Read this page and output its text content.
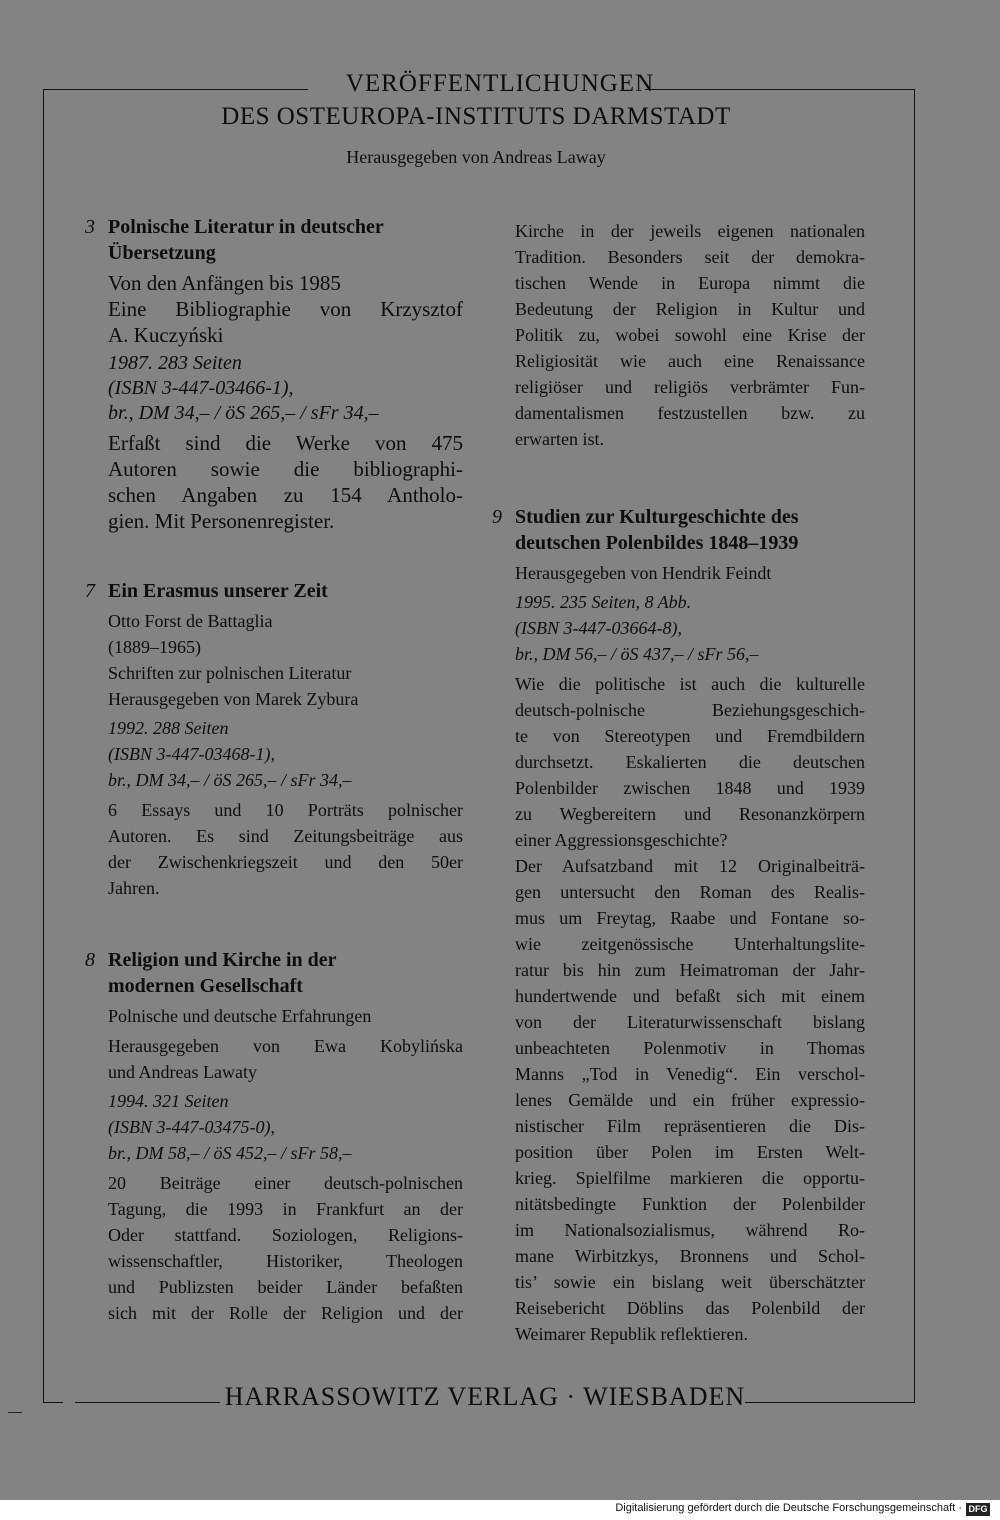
VERÖFFENTLICHUNGEN
DES OSTEUROPA-INSTITUTS DARMSTADT
Herausgegeben von Andreas Laway
3 Polnische Literatur in deutscher
Übersetzung
Von den Anfängen bis 1985
Eine Bibliographie von Krzysztof
A. Kuczyński
1987. 283 Seiten
(ISBN 3-447-03466-1),
br., DM 34,– / öS 265,– / sFr 34,–
Erfaßt sind die Werke von 475
Autoren sowie die bibliographi-
schen Angaben zu 154 Antholo-
gien. Mit Personenregister.
7 Ein Erasmus unserer Zeit
Otto Forst de Battaglia
(1889–1965)
Schriften zur polnischen Literatur
Herausgegeben von Marek Zybura
1992. 288 Seiten
(ISBN 3-447-03468-1),
br., DM 34,– / öS 265,– / sFr 34,–
6 Essays und 10 Porträts polnischer
Autoren. Es sind Zeitungsbeiträge aus
der Zwischenkriegszeit und den 50er
Jahren.
8 Religion und Kirche in der
modernen Gesellschaft
Polnische und deutsche Erfahrungen
Herausgegeben von Ewa Kobylińska
und Andreas Lawaty
1994. 321 Seiten
(ISBN 3-447-03475-0),
br., DM 58,– / öS 452,– / sFr 58,–
20 Beiträge einer deutsch-polnischen
Tagung, die 1993 in Frankfurt an der
Oder stattfand. Soziologen, Religions-
wissenschaftler, Historiker, Theologen
und Publizsten beider Länder befaßten
sich mit der Rolle der Religion und der
Kirche in der jeweils eigenen nationalen
Tradition. Besonders seit der demokra-
tischen Wende in Europa nimmt die
Bedeutung der Religion in Kultur und
Politik zu, wobei sowohl eine Krise der
Religiosität wie auch eine Renaissance
religiöser und religiös verbrämter Fun-
damentalismen festzustellen bzw. zu
erwarten ist.
9 Studien zur Kulturgeschichte des
deutschen Polenbildes 1848–1939
Herausgegeben von Hendrik Feindt
1995. 235 Seiten, 8 Abb.
(ISBN 3-447-03664-8),
br., DM 56,– / öS 437,– / sFr 56,–
Wie die politische ist auch die kulturelle
deutsch-polnische Beziehungsgeschich-
te von Stereotypen und Fremdbildern
durchsetzt. Eskalierten die deutschen
Polenbilder zwischen 1848 und 1939
zu Wegbereitern und Resonanzkörpern
einer Aggressionsgeschichte?
Der Aufsatzband mit 12 Originalbeiträ-
gen untersucht den Roman des Realis-
mus um Freytag, Raabe und Fontane so-
wie zeitgenössische Unterhaltungslite-
ratur bis hin zum Heimatroman der Jahr-
hundertwende und befaßt sich mit einem
von der Literaturwissenschaft bislang
unbeachteten Polenmotiv in Thomas
Manns „Tod in Venedig“. Ein verschol-
lenes Gemälde und ein früher expressio-
nistischer Film repräsentieren die Dis-
position über Polen im Ersten Welt-
krieg. Spielfilme markieren die opportu-
nitätsbedingte Funktion der Polenbilder
im Nationalsozialismus, während Ro-
mane Wirbitzkys, Bronnens und Schol-
tis’ sowie ein bislang weit überschätzter
Reisebericht Döblins das Polenbild der
Weimarer Republik reflektieren.
HARRASSOWITZ VERLAG · WIESBADEN
Digitalisierung gefördert durch die Deutsche Forschungsgemeinschaft · DFG
